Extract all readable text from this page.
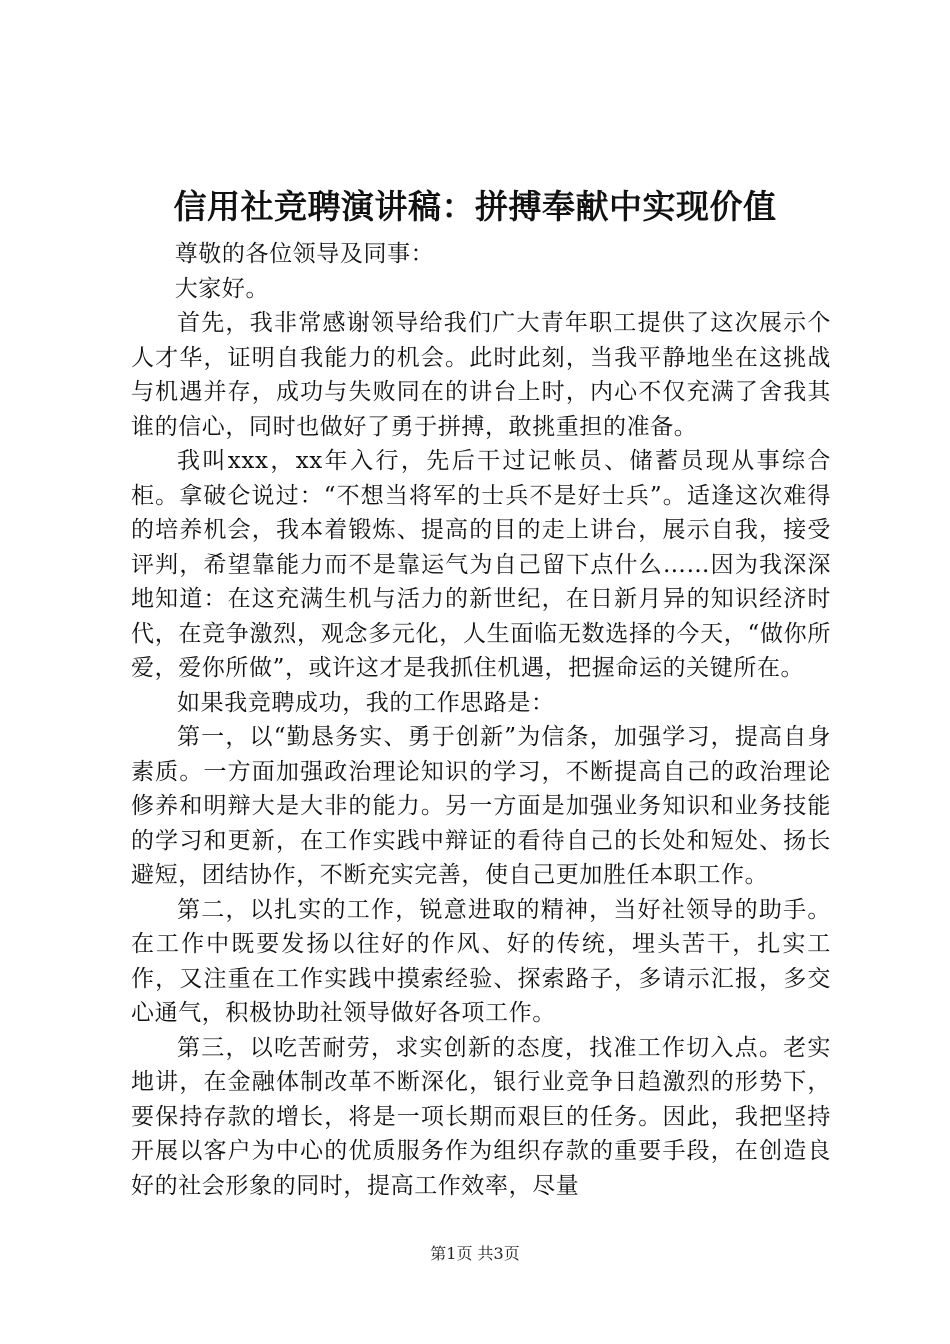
信用社竞聘演讲稿：拼搏奉献中实现价值

尊敬的各位领导及同事：

大家好。

首先，我非常感谢领导给我们广大青年职工提供了这次展示个人才华，证明自我能力的机会。此时此刻，当我平静地坐在这挑战与机遇并存，成功与失败同在的讲台上时，内心不仅充满了舍我其谁的信心，同时也做好了勇于拼搏，敢挑重担的准备。

我叫xxx，xx年入行，先后干过记帐员、储蓄员现从事综合柜。拿破仑说过：“不想当将军的士兵不是好士兵”。适逢这次难得的培养机会，我本着锻炼、提高的目的走上讲台，展示自我，接受评判，希望靠能力而不是靠运气为自己留下点什么……因为我深深地知道：在这充满生机与活力的新世纪，在日新月异的知识经济时代，在竞争激烈，观念多元化，人生面临无数选择的今天，“做你所爱，爱你所做”，或许这才是我抓住机遇，把握命运的关键所在。

如果我竞聘成功，我的工作思路是：

第一，以“勤恳务实、勇于创新”为信条，加强学习，提高自身素质。一方面加强政治理论知识的学习，不断提高自己的政治理论修养和明辩大是大非的能力。另一方面是加强业务知识和业务技能的学习和更新，在工作实践中辩证的看待自己的长处和短处、扬长避短，团结协作，不断充实完善，使自己更加胜任本职工作。

第二，以扎实的工作，锐意进取的精神，当好社领导的助手。在工作中既要发扬以往好的作风、好的传统，埋头苦干，扎实工作，又注重在工作实践中摸索经验、探索路子，多请示汇报，多交心通气，积极协助社领导做好各项工作。

第三，以吃苦耐劳，求实创新的态度，找准工作切入点。老实地讲，在金融体制改革不断深化，银行业竞争日趋激烈的形势下，要保持存款的增长，将是一项长期而艰巨的任务。因此，我把坚持开展以客户为中心的优质服务作为组织存款的重要手段，在创造良好的社会形象的同时，提高工作效率，尽量

第1页 共3页
